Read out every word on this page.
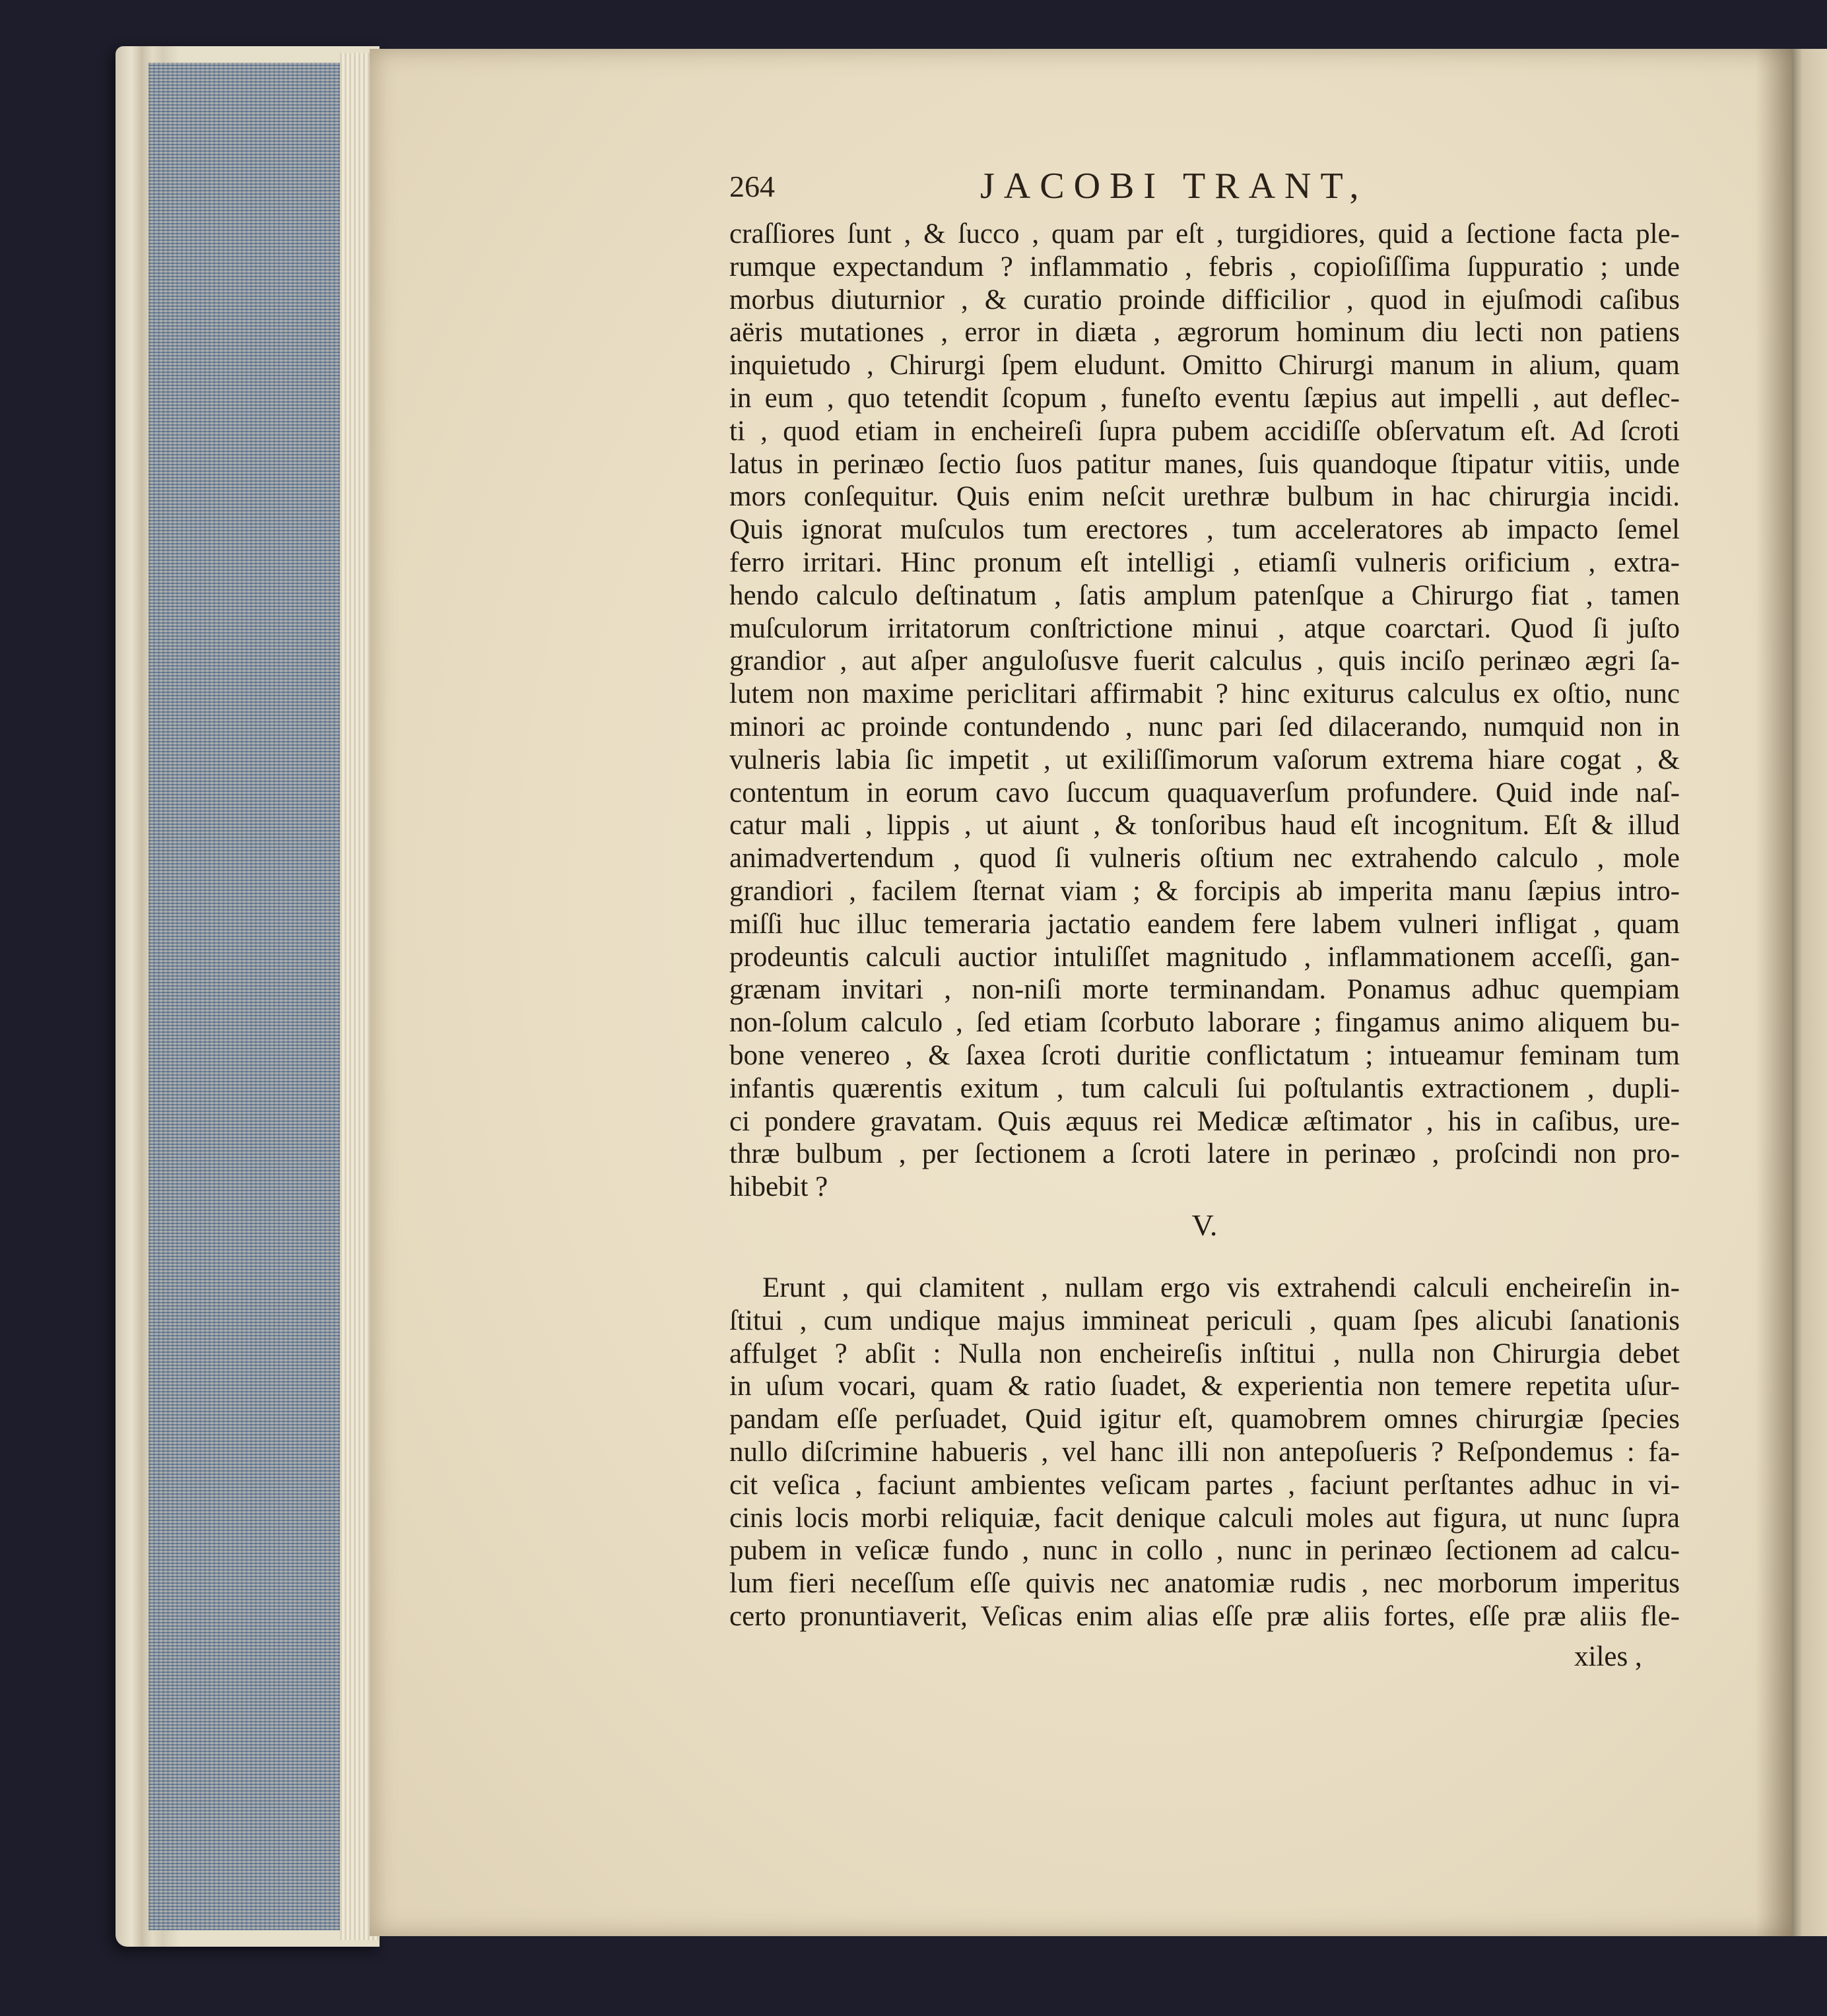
264	JACOBI TRANT,
craſſiores ſunt , & ſucco , quam par eſt , turgidiores, quid a ſectione facta ple-
rumque expectandum ? inflammatio , febris , copioſiſſima ſuppuratio ; unde
morbus diuturnior , & curatio proinde difficilior , quod in ejuſmodi caſibus
aëris mutationes , error in diæta , ægrorum hominum diu lecti non patiens
inquietudo , Chirurgi ſpem eludunt. Omitto Chirurgi manum in alium, quam
in eum , quo tetendit ſcopum , funeſto eventu ſæpius aut impelli , aut deflec-
ti , quod etiam in encheireſi ſupra pubem accidiſſe obſervatum eſt. Ad ſcroti
latus in perinæo ſectio ſuos patitur manes, ſuis quandoque ſtipatur vitiis, unde
mors conſequitur. Quis enim neſcit urethræ bulbum in hac chirurgia incidi.
Quis ignorat muſculos tum erectores , tum acceleratores ab impacto ſemel
ferro irritari. Hinc pronum eſt intelligi , etiamſi vulneris orificium , extra-
hendo calculo deſtinatum , ſatis amplum patenſque a Chirurgo fiat , tamen
muſculorum irritatorum conſtrictione minui , atque coarctari. Quod ſi juſto
grandior , aut aſper anguloſusve fuerit calculus , quis inciſo perinæo ægri ſa-
lutem non maxime periclitari affirmabit ? hinc exiturus calculus ex oſtio, nunc
minori ac proinde contundendo , nunc pari ſed dilacerando, numquid non in
vulneris labia ſic impetit , ut exiliſſimorum vaſorum extrema hiare cogat , &
contentum in eorum cavo ſuccum quaquaverſum profundere. Quid inde naſ-
catur mali , lippis , ut aiunt , & tonſoribus haud eſt incognitum. Eſt & illud
animadvertendum , quod ſi vulneris oſtium nec extrahendo calculo , mole
grandiori , facilem ſternat viam ; & forcipis ab imperita manu ſæpius intro-
miſſi huc illuc temeraria jactatio eandem fere labem vulneri infligat , quam
prodeuntis calculi auctior intuliſſet magnitudo , inflammationem acceſſi, gan-
grænam invitari , non-niſi morte terminandam. Ponamus adhuc quempiam
non-ſolum calculo , ſed etiam ſcorbuto laborare ; fingamus animo aliquem bu-
bone venereo , & ſaxea ſcroti duritie conflictatum ; intueamur feminam tum
infantis quærentis exitum , tum calculi ſui poſtulantis extractionem , dupli-
ci pondere gravatam. Quis æquus rei Medicæ æſtimator , his in caſibus, ure-
thræ bulbum , per ſectionem a ſcroti latere in perinæo , proſcindi non pro-
hibebit ?
V.
Erunt , qui clamitent , nullam ergo vis extrahendi calculi encheireſin in-
ſtitui , cum undique majus immineat periculi , quam ſpes alicubi ſanationis
affulget ? abſit : Nulla non encheireſis inſtitui , nulla non Chirurgia debet
in uſum vocari, quam & ratio ſuadet, & experientia non temere repetita uſur-
pandam eſſe perſuadet, Quid igitur eſt, quamobrem omnes chirurgiæ ſpecies
nullo diſcrimine habueris , vel hanc illi non antepoſueris ? Reſpondemus : fa-
cit veſica , faciunt ambientes veſicam partes , faciunt perſtantes adhuc in vi-
cinis locis morbi reliquiæ, facit denique calculi moles aut figura, ut nunc ſupra
pubem in veſicæ fundo , nunc in collo , nunc in perinæo ſectionem ad calcu-
lum fieri neceſſum eſſe quivis nec anatomiæ rudis , nec morborum imperitus
certo pronuntiaverit, Veſicas enim alias eſſe præ aliis fortes, eſſe præ aliis fle-
xiles ,
